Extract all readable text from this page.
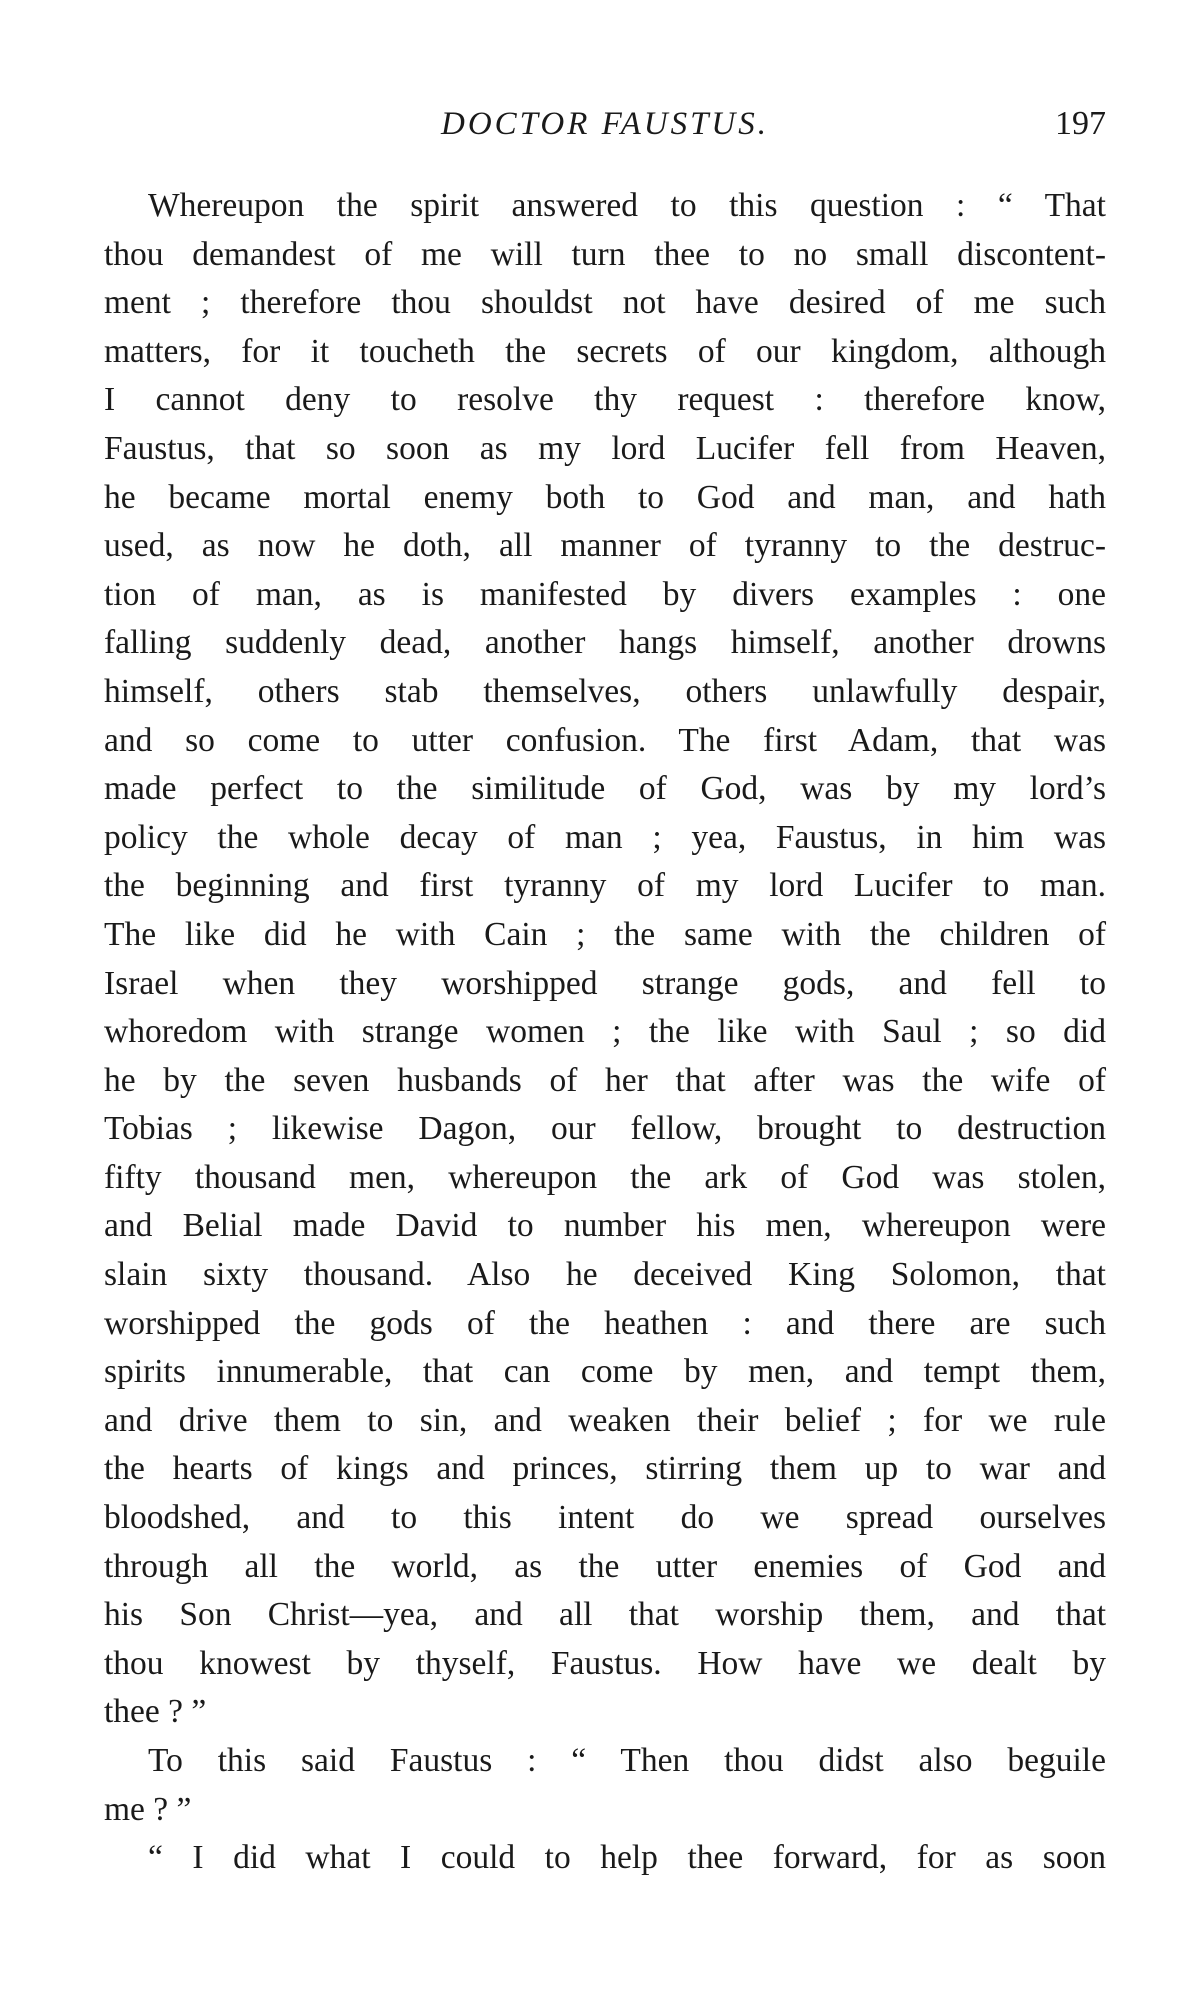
DOCTOR FAUSTUS.	197
Whereupon the spirit answered to this question : “ That
thou demandest of me will turn thee to no small discontent-
ment ; therefore thou shouldst not have desired of me such
matters, for it toucheth the secrets of our kingdom, although
I cannot deny to resolve thy request : therefore know,
Faustus, that so soon as my lord Lucifer fell from Heaven,
he became mortal enemy both to God and man, and hath
used, as now he doth, all manner of tyranny to the destruc-
tion of man, as is manifested by divers examples : one
falling suddenly dead, another hangs himself, another drowns
himself, others stab themselves, others unlawfully despair,
and so come to utter confusion. The first Adam, that was
made perfect to the similitude of God, was by my lord’s
policy the whole decay of man ; yea, Faustus, in him was
the beginning and first tyranny of my lord Lucifer to man.
The like did he with Cain ; the same with the children of
Israel when they worshipped strange gods, and fell to
whoredom with strange women ; the like with Saul ; so did
he by the seven husbands of her that after was the wife of
Tobias ; likewise Dagon, our fellow, brought to destruction
fifty thousand men, whereupon the ark of God was stolen,
and Belial made David to number his men, whereupon were
slain sixty thousand. Also he deceived King Solomon, that
worshipped the gods of the heathen : and there are such
spirits innumerable, that can come by men, and tempt them,
and drive them to sin, and weaken their belief ; for we rule
the hearts of kings and princes, stirring them up to war and
bloodshed, and to this intent do we spread ourselves
through all the world, as the utter enemies of God and
his Son Christ—yea, and all that worship them, and that
thou knowest by thyself, Faustus. How have we dealt by
thee ? ”
To this said Faustus : “ Then thou didst also beguile
me ? ”
“ I did what I could to help thee forward, for as soon
